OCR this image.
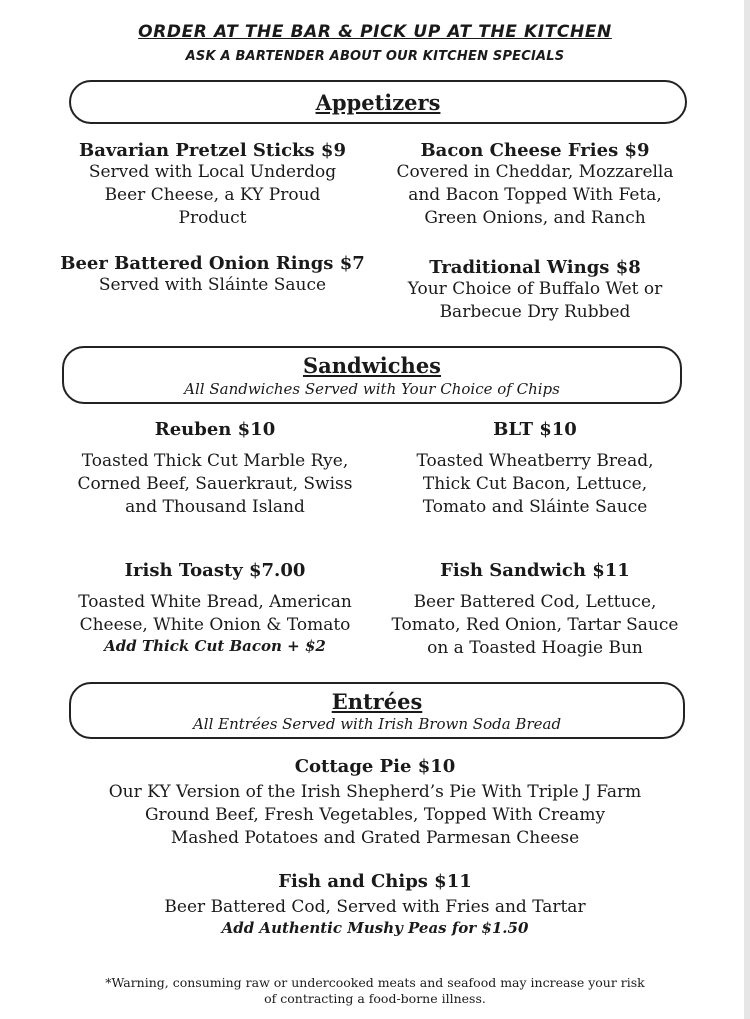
ORDER AT THE BAR & PICK UP AT THE KITCHEN
ASK A BARTENDER ABOUT OUR KITCHEN SPECIALS
Appetizers
Bavarian Pretzel Sticks $9
Served with Local Underdog
Beer Cheese, a KY Proud
Product
Bacon Cheese Fries $9
Covered in Cheddar, Mozzarella
and Bacon Topped With Feta,
Green Onions, and Ranch
Beer Battered Onion Rings $7
Served with Sláinte Sauce
Traditional Wings $8
Your Choice of Buffalo Wet or
Barbecue Dry Rubbed
Sandwiches
All Sandwiches Served with Your Choice of Chips
Reuben $10
Toasted Thick Cut Marble Rye,
Corned Beef, Sauerkraut, Swiss
and Thousand Island
BLT $10
Toasted Wheatberry Bread,
Thick Cut Bacon, Lettuce,
Tomato and Sláinte Sauce
Irish Toasty $7.00
Toasted White Bread, American
Cheese, White Onion & Tomato
Add Thick Cut Bacon + $2
Fish Sandwich $11
Beer Battered Cod, Lettuce,
Tomato, Red Onion, Tartar Sauce
on a Toasted Hoagie Bun
Entrées
All Entrées Served with Irish Brown Soda Bread
Cottage Pie $10
Our KY Version of the Irish Shepherd’s Pie With Triple J Farm
Ground Beef, Fresh Vegetables, Topped With Creamy
Mashed Potatoes and Grated Parmesan Cheese
Fish and Chips $11
Beer Battered Cod, Served with Fries and Tartar
Add Authentic Mushy Peas for $1.50
*Warning, consuming raw or undercooked meats and seafood may increase your risk
of contracting a food-borne illness.
